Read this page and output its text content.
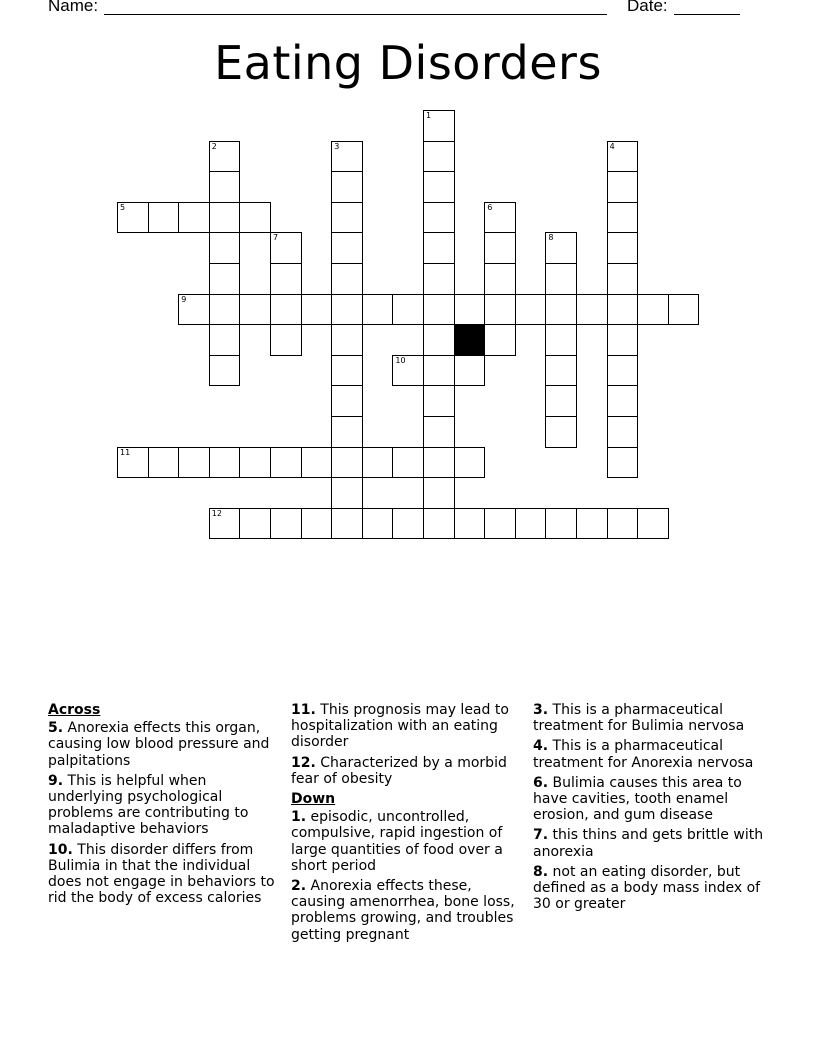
Name:	Date:
Eating Disorders
1
2	3	4
5	6
7	8
9
10
11
12
Across
5. Anorexia effects this organ, causing low blood pressure and palpitations
9. This is helpful when underlying psychological problems are contributing to maladaptive behaviors
10. This disorder differs from Bulimia in that the individual does not engage in behaviors to rid the body of excess calories
11. This prognosis may lead to hospitalization with an eating disorder
12. Characterized by a morbid fear of obesity
Down
1. episodic, uncontrolled, compulsive, rapid ingestion of large quantities of food over a short period
2. Anorexia effects these, causing amenorrhea, bone loss, problems growing, and troubles getting pregnant
3. This is a pharmaceutical treatment for Bulimia nervosa
4. This is a pharmaceutical treatment for Anorexia nervosa
6. Bulimia causes this area to have cavities, tooth enamel erosion, and gum disease
7. this thins and gets brittle with anorexia
8. not an eating disorder, but defined as a body mass index of 30 or greater
